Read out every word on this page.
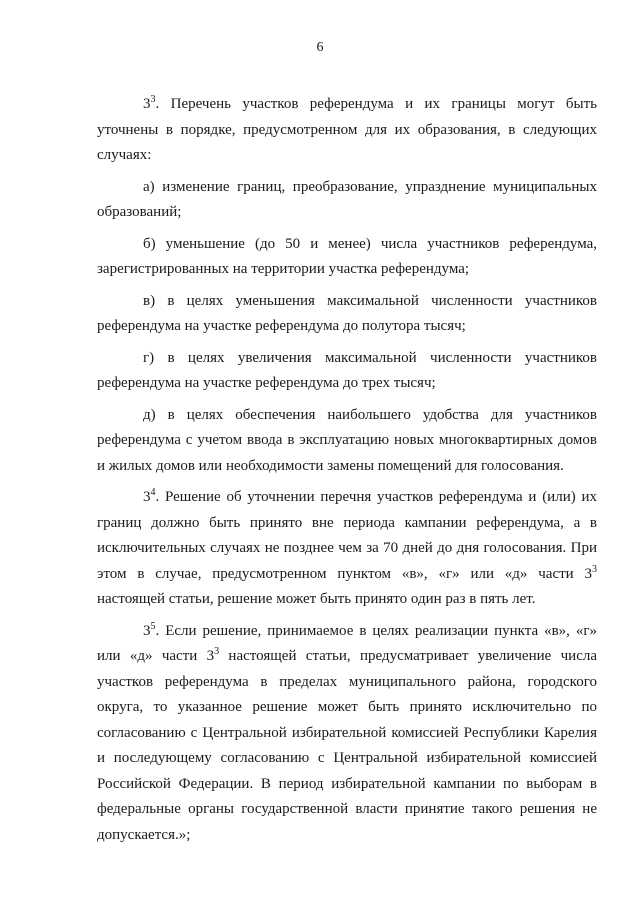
6

$3^3$. Перечень участков референдума и их границы могут быть уточнены в порядке, предусмотренном для их образования, в следующих случаях:

а) изменение границ, преобразование, упразднение муниципальных образований;

б) уменьшение (до 50 и менее) числа участников референдума, зарегистрированных на территории участка референдума;

в) в целях уменьшения максимальной численности участников референдума на участке референдума до полутора тысяч;

г) в целях увеличения максимальной численности участников референдума на участке референдума до трех тысяч;

д) в целях обеспечения наибольшего удобства для участников референдума с учетом ввода в эксплуатацию новых многоквартирных домов и жилых домов или необходимости замены помещений для голосования.

$3^4$. Решение об уточнении перечня участков референдума и (или) их границ должно быть принято вне периода кампании референдума, а в исключительных случаях не позднее чем за 70 дней до дня голосования. При этом в случае, предусмотренном пунктом «в», «г» или «д» части $3^3$ настоящей статьи, решение может быть принято один раз в пять лет.

$3^5$. Если решение, принимаемое в целях реализации пункта «в», «г» или «д» части $3^3$ настоящей статьи, предусматривает увеличение числа участков референдума в пределах муниципального района, городского округа, то указанное решение может быть принято исключительно по согласованию с Центральной избирательной комиссией Республики Карелия и последующему согласованию с Центральной избирательной комиссией Российской Федерации. В период избирательной кампании по выборам в федеральные органы государственной власти принятие такого решения не допускается.»;
